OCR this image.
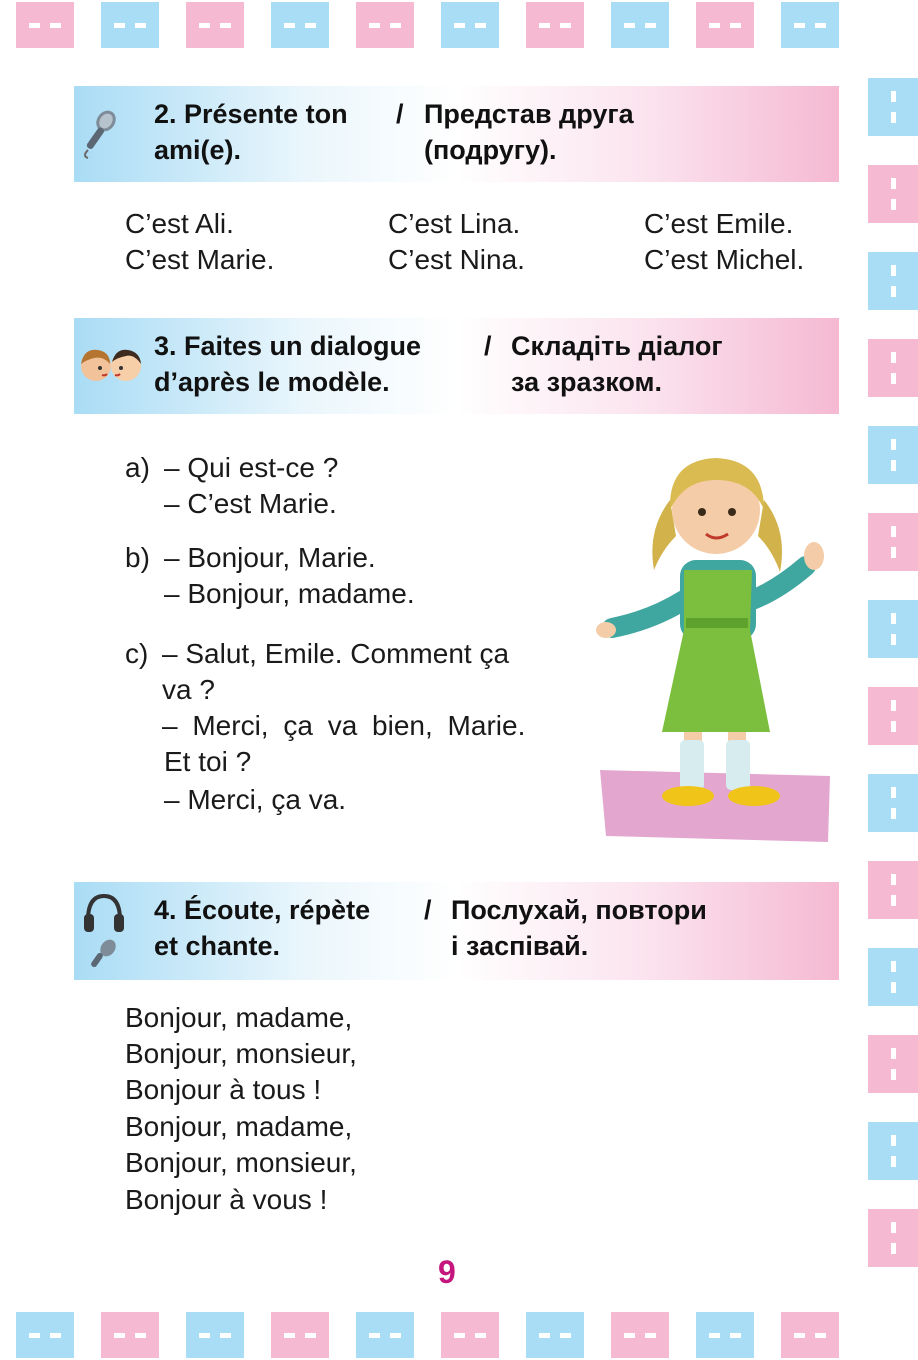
2. Présente ton
ami(e).
/ Представ друга
(подругу).
C’est Ali.	C’est Lina.	C’est Emile.
C’est Marie.	C’est Nina.	C’est Michel.
3. Faites un dialogue
d’après le modèle.
/ Складіть діалог
за зразком.
a) – Qui est-ce ?
– C’est Marie.
b) – Bonjour, Marie.
– Bonjour, madame.
c) – Salut, Emile. Comment ça
va ?
– Merci, ça va bien, Marie.
Et toi ?
– Merci, ça va.
4. Écoute, répète
et chante.
/ Послухай, повтори
і заспівай.
Bonjour, madame,
Bonjour, monsieur,
Bonjour à tous !
Bonjour, madame,
Bonjour, monsieur,
Bonjour à vous !
9
